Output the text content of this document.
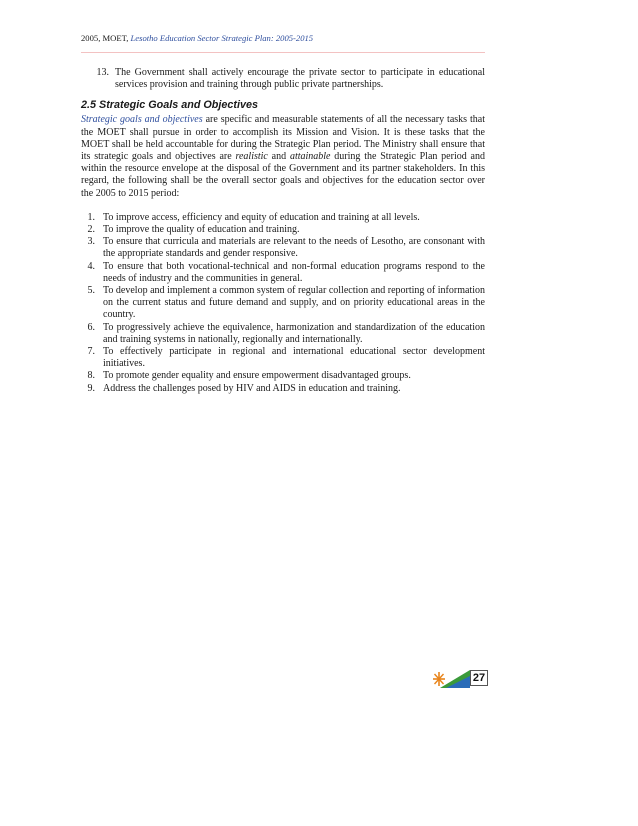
2005, MOET, Lesotho Education Sector Strategic Plan: 2005-2015
13. The Government shall actively encourage the private sector to participate in educational services provision and training through public private partnerships.
2.5 Strategic Goals and Objectives

Strategic goals and objectives are specific and measurable statements of all the necessary tasks that the MOET shall pursue in order to accomplish its Mission and Vision. It is these tasks that the MOET shall be held accountable for during the Strategic Plan period. The Ministry shall ensure that its strategic goals and objectives are realistic and attainable during the Strategic Plan period and within the resource envelope at the disposal of the Government and its partner stakeholders. In this regard, the following shall be the overall sector goals and objectives for the education sector over the 2005 to 2015 period:

1. To improve access, efficiency and equity of education and training at all levels.
2. To improve the quality of education and training.
3. To ensure that curricula and materials are relevant to the needs of Lesotho, are consonant with the appropriate standards and gender responsive.
4. To ensure that both vocational-technical and non-formal education programs respond to the needs of industry and the communities in general.
5. To develop and implement a common system of regular collection and reporting of information on the current status and future demand and supply, and on priority educational areas in the country.
6. To progressively achieve the equivalence, harmonization and standardization of the education and training systems in nationally, regionally and internationally.
7. To effectively participate in regional and international educational sector development initiatives.
8. To promote gender equality and ensure empowerment disadvantaged groups.
9. Address the challenges posed by HIV and AIDS in education and training.
27
